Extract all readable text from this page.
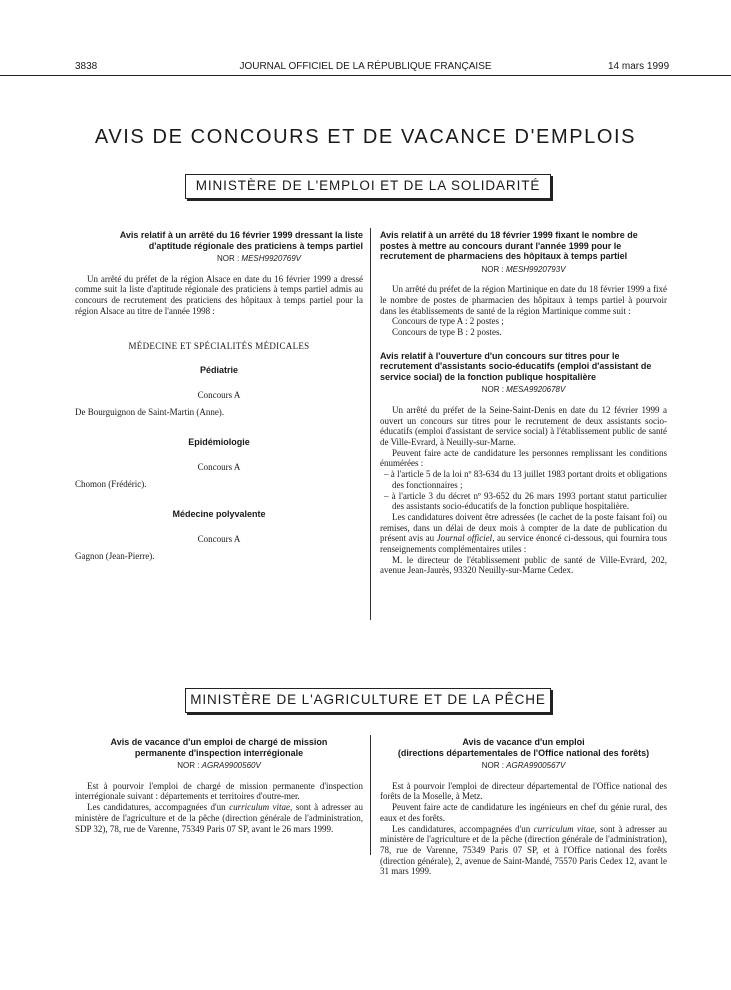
3838	JOURNAL OFFICIEL DE LA RÉPUBLIQUE FRANÇAISE	14 mars 1999
AVIS DE CONCOURS ET DE VACANCE D'EMPLOIS
MINISTÈRE DE L'EMPLOI ET DE LA SOLIDARITÉ
Avis relatif à un arrêté du 16 février 1999 dressant la liste d'aptitude régionale des praticiens à temps partiel
NOR : MESH9920769V

Un arrêté du préfet de la région Alsace en date du 16 février 1999 a dressé comme suit la liste d'aptitude régionale des praticiens à temps partiel admis au concours de recrutement des praticiens des hôpitaux à temps partiel pour la région Alsace au titre de l'année 1998 :

MÉDECINE ET SPÉCIALITÉS MÉDICALES

Pédiatrie

Concours A

De Bourguignon de Saint-Martin (Anne).

Epidémiologie

Concours A

Chomon (Frédéric).

Médecine polyvalente

Concours A

Gagnon (Jean-Pierre).

Avis relatif à un arrêté du 18 février 1999 fixant le nombre de postes à mettre au concours durant l'année 1999 pour le recrutement de pharmaciens des hôpitaux à temps partiel
NOR : MESH9920793V

Un arrêté du préfet de la région Martinique en date du 18 février 1999 a fixé le nombre de postes de pharmacien des hôpitaux à temps partiel à pourvoir dans les établissements de santé de la région Martinique comme suit :

Concours de type A : 2 postes ;

Concours de type B : 2 postes.

Avis relatif à l'ouverture d'un concours sur titres pour le recrutement d'assistants socio-éducatifs (emploi d'assistant de service social) de la fonction publique hospitalière
NOR : MESA9920678V

Un arrêté du préfet de la Seine-Saint-Denis en date du 12 février 1999 a ouvert un concours sur titres pour le recrutement de deux assistants socio-éducatifs (emploi d'assistant de service social) à l'établissement public de santé de Ville-Evrard, à Neuilly-sur-Marne.

Peuvent faire acte de candidature les personnes remplissant les conditions énumérées :

– à l'article 5 de la loi nº 83-634 du 13 juillet 1983 portant droits et obligations des fonctionnaires ;

– à l'article 3 du décret nº 93-652 du 26 mars 1993 portant statut particulier des assistants socio-éducatifs de la fonction publique hospitalière.

Les candidatures doivent être adressées (le cachet de la poste faisant foi) ou remises, dans un délai de deux mois à compter de la date de publication du présent avis au Journal officiel, au service énoncé ci-dessous, qui fournira tous renseignements complémentaires utiles :

M. le directeur de l'établissement public de santé de Ville-Evrard, 202, avenue Jean-Jaurès, 93320 Neuilly-sur-Marne Cedex.

MINISTÈRE DE L'AGRICULTURE ET DE LA PÊCHE
Avis de vacance d'un emploi de chargé de mission permanente d'inspection interrégionale
NOR : AGRA9900560V

Est à pourvoir l'emploi de chargé de mission permanente d'inspection interrégionale suivant : départements et territoires d'outre-mer.

Les candidatures, accompagnées d'un curriculum vitae, sont à adresser au ministère de l'agriculture et de la pêche (direction générale de l'administration, SDP 32), 78, rue de Varenne, 75349 Paris 07 SP, avant le 26 mars 1999.

Avis de vacance d'un emploi
(directions départementales de l'Office national des forêts)
NOR : AGRA9900567V

Est à pourvoir l'emploi de directeur départemental de l'Office national des forêts de la Moselle, à Metz.

Peuvent faire acte de candidature les ingénieurs en chef du génie rural, des eaux et des forêts.

Les candidatures, accompagnées d'un curriculum vitae, sont à adresser au ministère de l'agriculture et de la pêche (direction générale de l'administration), 78, rue de Varenne, 75349 Paris 07 SP, et à l'Office national des forêts (direction générale), 2, avenue de Saint-Mandé, 75570 Paris Cedex 12, avant le 31 mars 1999.
